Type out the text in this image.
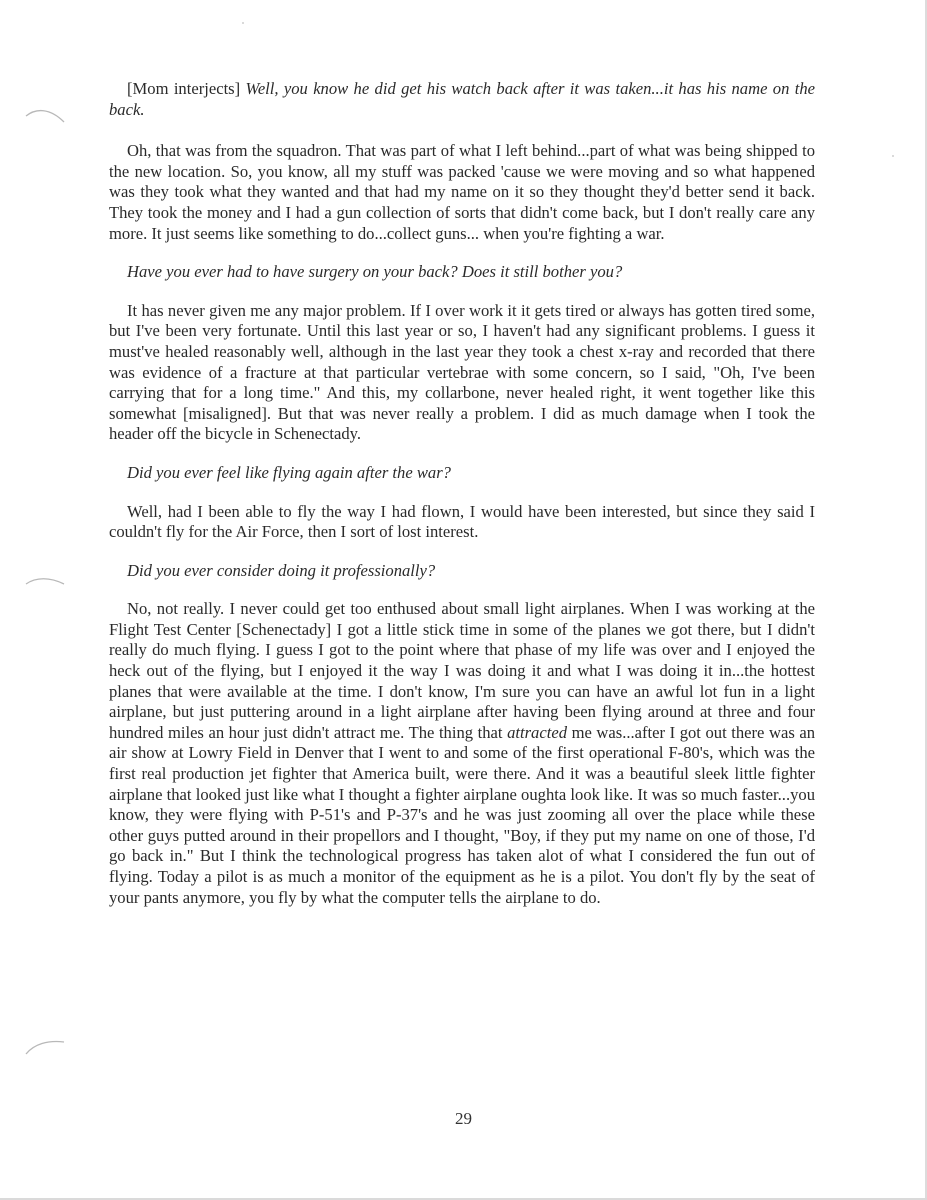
[Mom interjects] Well, you know he did get his watch back after it was taken...it has his name on the back.

Oh, that was from the squadron. That was part of what I left behind...part of what was being shipped to the new location. So, you know, all my stuff was packed 'cause we were moving and so what happened was they took what they wanted and that had my name on it so they thought they'd better send it back. They took the money and I had a gun collection of sorts that didn't come back, but I don't really care any more. It just seems like something to do...collect guns... when you're fighting a war.

Have you ever had to have surgery on your back? Does it still bother you?

It has never given me any major problem. If I over work it it gets tired or always has gotten tired some, but I've been very fortunate. Until this last year or so, I haven't had any significant problems. I guess it must've healed reasonably well, although in the last year they took a chest x-ray and recorded that there was evidence of a fracture at that particular vertebrae with some concern, so I said, "Oh, I've been carrying that for a long time." And this, my collarbone, never healed right, it went together like this somewhat [misaligned]. But that was never really a problem. I did as much damage when I took the header off the bicycle in Schenectady.

Did you ever feel like flying again after the war?

Well, had I been able to fly the way I had flown, I would have been interested, but since they said I couldn't fly for the Air Force, then I sort of lost interest.

Did you ever consider doing it professionally?

No, not really. I never could get too enthused about small light airplanes. When I was working at the Flight Test Center [Schenectady] I got a little stick time in some of the planes we got there, but I didn't really do much flying. I guess I got to the point where that phase of my life was over and I enjoyed the heck out of the flying, but I enjoyed it the way I was doing it and what I was doing it in...the hottest planes that were available at the time. I don't know, I'm sure you can have an awful lot fun in a light airplane, but just puttering around in a light airplane after having been flying around at three and four hundred miles an hour just didn't attract me. The thing that attracted me was...after I got out there was an air show at Lowry Field in Denver that I went to and some of the first operational F-80's, which was the first real production jet fighter that America built, were there. And it was a beautiful sleek little fighter airplane that looked just like what I thought a fighter airplane oughta look like. It was so much faster...you know, they were flying with P-51's and P-37's and he was just zooming all over the place while these other guys putted around in their propellors and I thought, "Boy, if they put my name on one of those, I'd go back in." But I think the technological progress has taken alot of what I considered the fun out of flying. Today a pilot is as much a monitor of the equipment as he is a pilot. You don't fly by the seat of your pants anymore, you fly by what the computer tells the airplane to do.

29
